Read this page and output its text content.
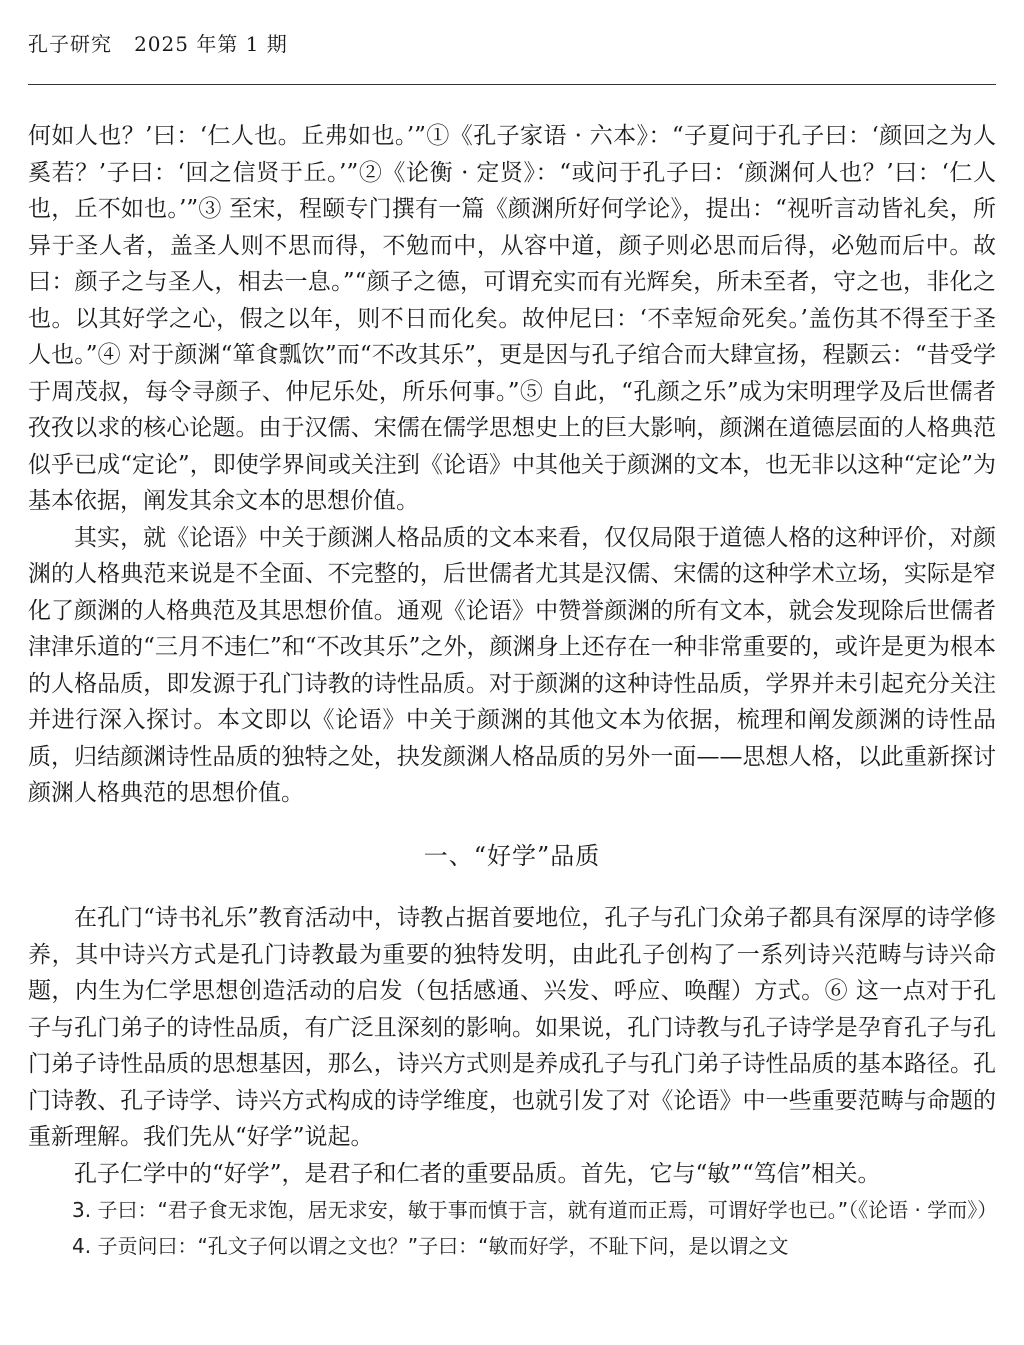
孔子研究 2025 年第 1 期

何如人也？’曰：‘仁人也。丘弗如也。’”①《孔子家语 · 六本》：“子夏问于孔子曰：‘颜回之为人奚若？’子曰：‘回之信贤于丘。’”②《论衡 · 定贤》：“或问于孔子曰：‘颜渊何人也？’曰：‘仁人也，丘不如也。’”③ 至宋，程颐专门撰有一篇《颜渊所好何学论》，提出：“视听言动皆礼矣，所异于圣人者，盖圣人则不思而得，不勉而中，从容中道，颜子则必思而后得，必勉而后中。故曰：颜子之与圣人，相去一息。”“颜子之德，可谓充实而有光辉矣，所未至者，守之也，非化之也。以其好学之心，假之以年，则不日而化矣。故仲尼曰：‘不幸短命死矣。’盖伤其不得至于圣人也。”④ 对于颜渊“箪食瓢饮”而“不改其乐”，更是因与孔子绾合而大肆宣扬，程颢云：“昔受学于周茂叔，每令寻颜子、仲尼乐处，所乐何事。”⑤ 自此，“孔颜之乐”成为宋明理学及后世儒者孜孜以求的核心论题。由于汉儒、宋儒在儒学思想史上的巨大影响，颜渊在道德层面的人格典范似乎已成“定论”，即使学界间或关注到《论语》中其他关于颜渊的文本，也无非以这种“定论”为基本依据，阐发其余文本的思想价值。

其实，就《论语》中关于颜渊人格品质的文本来看，仅仅局限于道德人格的这种评价，对颜渊的人格典范来说是不全面、不完整的，后世儒者尤其是汉儒、宋儒的这种学术立场，实际是窄化了颜渊的人格典范及其思想价值。通观《论语》中赞誉颜渊的所有文本，就会发现除后世儒者津津乐道的“三月不违仁”和“不改其乐”之外，颜渊身上还存在一种非常重要的，或许是更为根本的人格品质，即发源于孔门诗教的诗性品质。对于颜渊的这种诗性品质，学界并未引起充分关注并进行深入探讨。本文即以《论语》中关于颜渊的其他文本为依据，梳理和阐发颜渊的诗性品质，归结颜渊诗性品质的独特之处，抉发颜渊人格品质的另外一面——思想人格，以此重新探讨颜渊人格典范的思想价值。

一、“好学”品质

在孔门“诗书礼乐”教育活动中，诗教占据首要地位，孔子与孔门众弟子都具有深厚的诗学修养，其中诗兴方式是孔门诗教最为重要的独特发明，由此孔子创构了一系列诗兴范畴与诗兴命题，内生为仁学思想创造活动的启发（包括感通、兴发、呼应、唤醒）方式。⑥ 这一点对于孔子与孔门弟子的诗性品质，有广泛且深刻的影响。如果说，孔门诗教与孔子诗学是孕育孔子与孔门弟子诗性品质的思想基因，那么，诗兴方式则是养成孔子与孔门弟子诗性品质的基本路径。孔门诗教、孔子诗学、诗兴方式构成的诗学维度，也就引发了对《论语》中一些重要范畴与命题的重新理解。我们先从“好学”说起。

孔子仁学中的“好学”，是君子和仁者的重要品质。首先，它与“敏”“笃信”相关。

3. 子曰：“君子食无求饱，居无求安，敏于事而慎于言，就有道而正焉，可谓好学也已。”（《论语 · 学而》）

4. 子贡问曰：“孔文子何以谓之文也？”子曰：“敏而好学，不耻下问，是以谓之文
